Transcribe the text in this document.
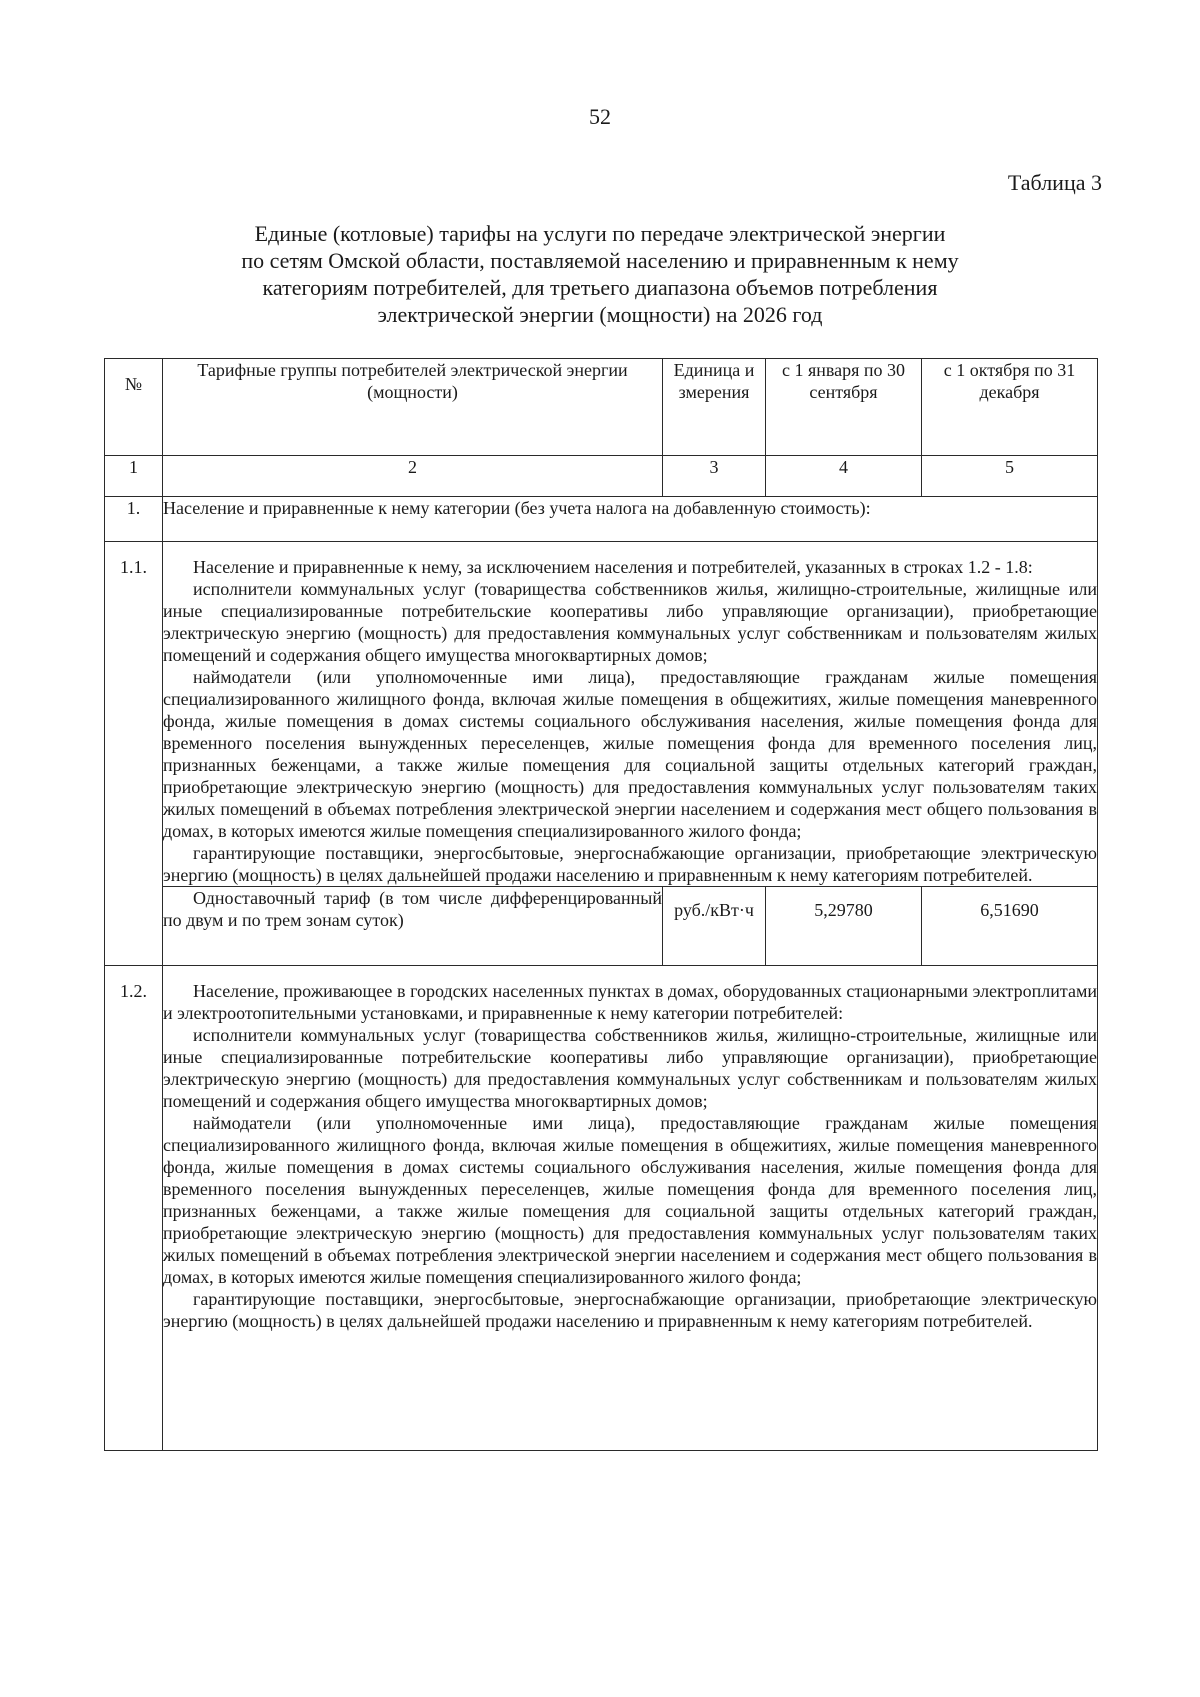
52
Таблица 3
Единые (котловые) тарифы на услуги по передаче электрической энергии
по сетям Омской области, поставляемой населению и приравненным к нему
категориям потребителей, для третьего диапазона объемов потребления
электрической энергии (мощности) на 2026 год
№	Тарифные группы потребителей электрической энергии (мощности)	Единица измерения	с 1 января по 30 сентября	с 1 октября по 31 декабря
1	2	3	4	5
1.	Население и приравненные к нему категории (без учета налога на добавленную стоимость):			
1.1.	Население и приравненные к нему, за исключением населения и потребителей, указанных в строках 1.2 - 1.8:

исполнители коммунальных услуг (товарищества собственников жилья, жилищно-строительные, жилищные или иные специализированные потребительские кооперативы либо управляющие организации), приобретающие электрическую энергию (мощность) для предоставления коммунальных услуг собственникам и пользователям жилых помещений и содержания общего имущества многоквартирных домов;

наймодатели (или уполномоченные ими лица), предоставляющие гражданам жилые помещения специализированного жилищного фонда, включая жилые помещения в общежитиях, жилые помещения маневренного фонда, жилые помещения в домах системы социального обслуживания населения, жилые помещения фонда для временного поселения вынужденных переселенцев, жилые помещения фонда для временного поселения лиц, признанных беженцами, а также жилые помещения для социальной защиты отдельных категорий граждан, приобретающие электрическую энергию (мощность) для предоставления коммунальных услуг пользователям таких жилых помещений в объемах потребления электрической энергии населением и содержания мест общего пользования в домах, в которых имеются жилые помещения специализированного жилого фонда;

гарантирующие поставщики, энергосбытовые, энергоснабжающие организации, приобретающие электрическую энергию (мощность) в целях дальнейшей продажи населению и приравненным к нему категориям потребителей.			

	Одноставочный тариф (в том числе дифференцированный по двум и по трем зонам суток)	руб./кВт·ч	5,29780	6,51690
1.2.	Население, проживающее в городских населенных пунктах в домах, оборудованных стационарными электроплитами и электроотопительными установками, и приравненные к нему категории потребителей:

исполнители коммунальных услуг (товарищества собственников жилья, жилищно-строительные, жилищные или иные специализированные потребительские кооперативы либо управляющие организации), приобретающие электрическую энергию (мощность) для предоставления коммунальных услуг собственникам и пользователям жилых помещений и содержания общего имущества многоквартирных домов;

наймодатели (или уполномоченные ими лица), предоставляющие гражданам жилые помещения специализированного жилищного фонда, включая жилые помещения в общежитиях, жилые помещения маневренного фонда, жилые помещения в домах системы социального обслуживания населения, жилые помещения фонда для временного поселения вынужденных переселенцев, жилые помещения фонда для временного поселения лиц, признанных беженцами, а также жилые помещения для социальной защиты отдельных категорий граждан, приобретающие электрическую энергию (мощность) для предоставления коммунальных услуг пользователям таких жилых помещений в объемах потребления электрической энергии населением и содержания мест общего пользования в домах, в которых имеются жилые помещения специализированного жилого фонда;

гарантирующие поставщики, энергосбытовые, энергоснабжающие организации, приобретающие электрическую энергию (мощность) в целях дальнейшей продажи населению и приравненным к нему категориям потребителей.			
